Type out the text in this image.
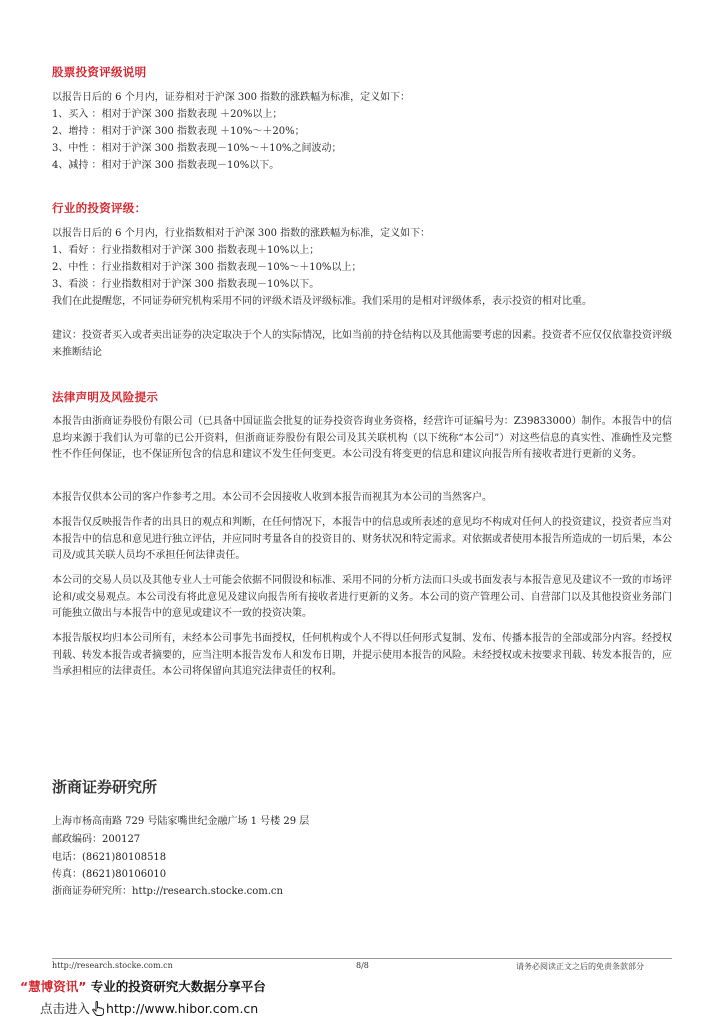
股票投资评级说明
以报告日后的 6 个月内，证券相对于沪深 300 指数的涨跌幅为标准，定义如下：
1、买入 ：相对于沪深 300 指数表现 ＋20%以上；
2、增持 ：相对于沪深 300 指数表现 ＋10%～＋20%；
3、中性 ：相对于沪深 300 指数表现－10%～＋10%之间波动；
4、减持 ：相对于沪深 300 指数表现－10%以下。
行业的投资评级：
以报告日后的 6 个月内，行业指数相对于沪深 300 指数的涨跌幅为标准，定义如下：
1、看好 ：行业指数相对于沪深 300 指数表现＋10%以上；
2、中性 ：行业指数相对于沪深 300 指数表现－10%～＋10%以上；
3、看淡 ：行业指数相对于沪深 300 指数表现－10%以下。
我们在此提醒您，不同证券研究机构采用不同的评级术语及评级标准。我们采用的是相对评级体系，表示投资的相对比重。
建议：投资者买入或者卖出证券的决定取决于个人的实际情况，比如当前的持仓结构以及其他需要考虑的因素。投资者不应仅仅依靠投资评级来推断结论
法律声明及风险提示
本报告由浙商证券股份有限公司（已具备中国证监会批复的证券投资咨询业务资格，经营许可证编号为：Z39833000）制作。本报告中的信息均来源于我们认为可靠的已公开资料，但浙商证券股份有限公司及其关联机构（以下统称“本公司”）对这些信息的真实性、准确性及完整性不作任何保证，也不保证所包含的信息和建议不发生任何变更。本公司没有将变更的信息和建议向报告所有接收者进行更新的义务。
本报告仅供本公司的客户作参考之用。本公司不会因接收人收到本报告而视其为本公司的当然客户。
本报告仅反映报告作者的出具日的观点和判断，在任何情况下，本报告中的信息或所表述的意见均不构成对任何人的投资建议，投资者应当对本报告中的信息和意见进行独立评估，并应同时考量各自的投资目的、财务状况和特定需求。对依据或者使用本报告所造成的一切后果，本公司及/或其关联人员均不承担任何法律责任。
本公司的交易人员以及其他专业人士可能会依据不同假设和标准、采用不同的分析方法而口头或书面发表与本报告意见及建议不一致的市场评论和/或交易观点。本公司没有将此意见及建议向报告所有接收者进行更新的义务。本公司的资产管理公司、自营部门以及其他投资业务部门可能独立做出与本报告中的意见或建议不一致的投资决策。
本报告版权均归本公司所有，未经本公司事先书面授权，任何机构或个人不得以任何形式复制、发布、传播本报告的全部或部分内容。经授权刊载、转发本报告或者摘要的，应当注明本报告发布人和发布日期，并提示使用本报告的风险。未经授权或未按要求刊载、转发本报告的，应当承担相应的法律责任。本公司将保留向其追究法律责任的权利。
浙商证券研究所
上海市杨高南路 729 号陆家嘴世纪金融广场 1 号楼 29 层
邮政编码：200127
电话：(8621)80108518
传真：(8621)80106010
浙商证券研究所：http://research.stocke.com.cn
http://research.stocke.com.cn	8/8	请务必阅读正文之后的免责条款部分
“慧博资讯” 专业的投资研究大数据分享平台
点击进入 http://www.hibor.com.cn
